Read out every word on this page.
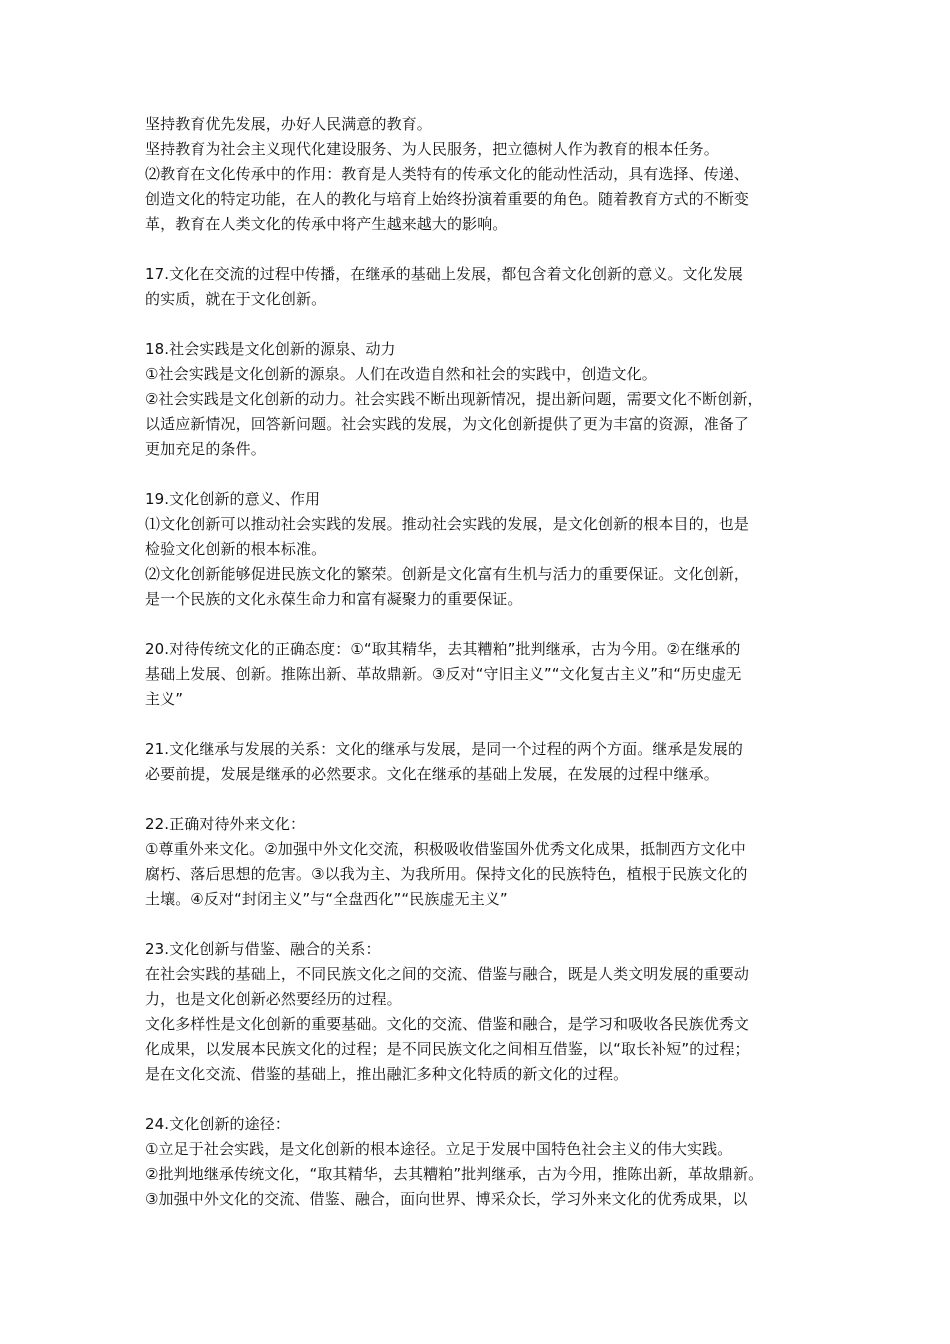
坚持教育优先发展，办好人民满意的教育。
坚持教育为社会主义现代化建设服务、为人民服务，把立德树人作为教育的根本任务。
⑵教育在文化传承中的作用：教育是人类特有的传承文化的能动性活动，具有选择、传递、
创造文化的特定功能，在人的教化与培育上始终扮演着重要的角色。随着教育方式的不断变
革，教育在人类文化的传承中将产生越来越大的影响。
17.文化在交流的过程中传播，在继承的基础上发展，都包含着文化创新的意义。文化发展
的实质，就在于文化创新。
18.社会实践是文化创新的源泉、动力
①社会实践是文化创新的源泉。人们在改造自然和社会的实践中，创造文化。
②社会实践是文化创新的动力。社会实践不断出现新情况，提出新问题，需要文化不断创新，
以适应新情况，回答新问题。社会实践的发展，为文化创新提供了更为丰富的资源，准备了
更加充足的条件。
19.文化创新的意义、作用
⑴文化创新可以推动社会实践的发展。推动社会实践的发展，是文化创新的根本目的，也是
检验文化创新的根本标准。
⑵文化创新能够促进民族文化的繁荣。创新是文化富有生机与活力的重要保证。文化创新，
是一个民族的文化永葆生命力和富有凝聚力的重要保证。
20.对待传统文化的正确态度：①“取其精华，去其糟粕”批判继承，古为今用。②在继承的
基础上发展、创新。推陈出新、革故鼎新。③反对“守旧主义”“文化复古主义”和“历史虚无
主义”
21.文化继承与发展的关系：文化的继承与发展，是同一个过程的两个方面。继承是发展的
必要前提，发展是继承的必然要求。文化在继承的基础上发展，在发展的过程中继承。
22.正确对待外来文化：
①尊重外来文化。②加强中外文化交流，积极吸收借鉴国外优秀文化成果，抵制西方文化中
腐朽、落后思想的危害。③以我为主、为我所用。保持文化的民族特色，植根于民族文化的
土壤。④反对“封闭主义”与“全盘西化”“民族虚无主义”
23.文化创新与借鉴、融合的关系：
在社会实践的基础上，不同民族文化之间的交流、借鉴与融合，既是人类文明发展的重要动
力，也是文化创新必然要经历的过程。
文化多样性是文化创新的重要基础。文化的交流、借鉴和融合，是学习和吸收各民族优秀文
化成果，以发展本民族文化的过程；是不同民族文化之间相互借鉴，以“取长补短”的过程；
是在文化交流、借鉴的基础上，推出融汇多种文化特质的新文化的过程。
24.文化创新的途径：
①立足于社会实践，是文化创新的根本途径。立足于发展中国特色社会主义的伟大实践。
②批判地继承传统文化，“取其精华，去其糟粕”批判继承，古为今用，推陈出新，革故鼎新。
③加强中外文化的交流、借鉴、融合，面向世界、博采众长，学习外来文化的优秀成果，以
